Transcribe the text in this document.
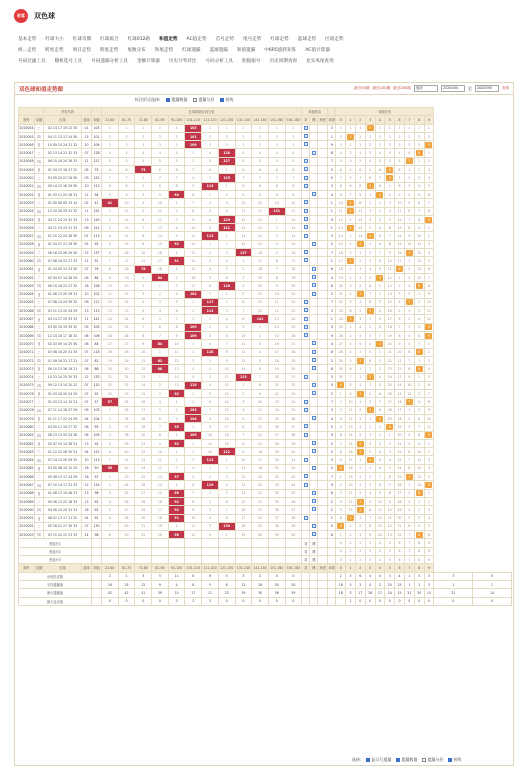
彩客	双色球
基本走势 红球大小 红球奇偶 红球质合 红球012路 和值走势 AC值走势 首号走势 尾号走势 红球走势 蓝球走势 区间走势
两...走势 跨度走势 周日走势 跨度走势 尾数分布 和尾走势 红球遗漏 蓝球遗漏 和值遗漏 中6R5旋转矩阵 AC值计算器
号码过滤工具 随机选号工具 号码遗漏分析工具 金额计算器 历史开奖对比 号码分析工具 胆拖缩号 历史同期查询 龙头凤尾查询
双色球和值走势图	最近50期 最近100期 最近200期	选择	2020044	至	2020093	查询
标注形式选择:	遗漏数据	遗漏分层	折线
		开奖号码			红球和值区间分布												和值形态				和值分布											
期号	星期	红球	蓝球	和值	21-60	61-70	71-80	81-90	91-100	101-110	111-120	121-130	131-140	141-150	151-160	161-183	奇	偶	跨度	和尾	0	1	2	3	4	5	6	7	8	9		
2020044	二	02 14 17 19 22 30	01	103	1	1	1	1	1	103	1	1	1	1	1	1				3	1	1	1	3	1	1	1	1	1	1		
2020045	四	04 11 13 17 24 30	15	101	2	2	2	2	2	101	2	2	2	2	2	2				1	2	1	2	1	2	2	2	2	2	2		
2020046	日	10 09 10 24 31 32	10	109	3	3	3	3	3	109	3	3	3	3	3	3				9	3	1	3	2	3	3	3	3	3	9		
2020047	二	02 13 14 21 32 33	07	128	4	4	4	4	4	1	4	128	4	4	4	4				8	4	2	4	3	4	4	4	4	8	1		
2020048	四	06 15 16 24 28 32	11	127	5	5	5	5	5	2	5	127	5	5	5	5				7	5	3	5	4	5	5	5	7	1	2		
2020049	日	01 04 15 16 17 22	05	75	6	6	75	6	6	3	6	1	6	6	6	6				5	6	4	6	5	6	5	6	1	2	3		
2020050	二	03 09 20 27 26 30	03	125	7	7	1	7	7	4	7	125	7	7	7	7				5	7	5	7	6	7	5	7	2	3	4		
2020051	四	09 14 15 16 29 30	10	113	8	8	2	8	8	5	113	1	8	8	8	8				3	8	6	8	3	8	1	8	3	4	5		
2020052	日	01 03 11 22 26 31	11	94	9	9	3	9	94	6	1	2	9	9	9	9				4	9	7	9	1	4	2	9	4	5	6		
2020053	二	01 05 08 09 13 14	02	41	41	10	4	10	1	7	2	3	10	10	10	10				1	10	1	10	2	1	3	10	5	6	7		
2020054	四	13 20 26 29 31 32	11	151	1	11	5	11	2	8	3	4	11	11	151	11				1	11	1	11	3	2	4	11	6	7	8		
2020055	日	04 11 24 25 32 33	13	129	2	12	6	12	3	9	4	129	12	12	1	12				9	12	1	12	4	3	5	12	7	8	9		
2020056	二	04 11 19 23 31 33	09	121	3	13	7	13	4	10	5	121	13	13	2	13				1	13	1	13	5	4	6	13	8	9	1		
2020057	四	01 10 22 24 26 30	07	113	4	14	8	14	5	11	113	1	14	14	3	14				3	14	1	14	3	5	7	14	9	10	2		
2020058	日	01 04 07 21 29 30	01	92	5	15	9	15	92	12	1	2	15	15	4	15				2	15	2	2	1	6	8	15	10	11	3		
2020059	二	08 16 20 26 29 30	15	137	6	16	10	16	1	13	2	3	137	16	5	16				7	16	3	1	2	7	9	16	7	12	4		
2020060	四	07 08 16 22 27 33	11	91	7	17	11	17	91	14	3	4	1	17	6	17				1	17	1	2	3	8	10	17	1	13	5		
2020061	日	01 04 05 13 23 30	07	76	8	18	76	18	1	15	4	5	2	18	7	18				6	18	1	3	4	9	11	6	2	14	6		
2020062	二	02 04 07 14 28 29	09	84	9	19	1	84	2	16	5	6	3	19	8	19				4	19	2	4	5	4	12	1	3	15	7		
2020063	四	06 15 16 22 27 32	16	128	10	20	2	1	3	17	6	128	4	20	9	20				8	20	3	5	6	1	13	2	4	8	8		
2020064	日	01 06 15 20 29 31	10	102	11	21	3	2	4	102	7	1	5	21	10	21				2	21	4	2	7	2	14	3	5	1	9		
2020065	二	07 08 10 24 30 32	09	117	12	22	4	3	5	1	117	2	6	22	11	22				7	22	5	1	8	3	15	4	7	2	10		
2020066	四	03 11 13 20 24 29	13	113	13	23	5	4	6	2	113	3	7	23	12	23				3	23	6	2	3	4	16	5	1	3	11		
2020067	日	04 14 27 29 33 33	11	141	14	24	6	5	7	3	1	4	8	141	13	24				1	24	1	3	1	5	17	6	2	4	12		
2020068	二	03 05 16 19 29 32	05	109	15	25	7	6	8	109	2	5	9	1	14	25				9	25	1	4	2	6	18	7	3	5	9		
2020069	四	12 14 16 17 18 32	08	109	16	26	8	7	9	109	3	6	10	2	15	26				9	26	2	5	3	7	19	8	4	6	9		
2020070	日	02 03 09 14 25 30	06	84	17	27	9	84	10	1	4	7	11	3	16	27				4	27	3	6	4	4	20	9	5	7	1		
2020071	二	03 08 18 25 31 33	07	118	18	28	10	1	11	2	118	8	12	4	17	28				8	28	4	7	5	1	21	10	6	8	2		
2020072	四	07 09 16 22 17 21	07	82	19	29	11	82	12	3	1	9	13	5	18	29				2	29	5	2	6	2	22	11	7	1	3		
2020073	日	09 10 13 16 19 21	06	88	20	30	12	88	13	4	2	10	14	6	19	30				8	30	6	1	7	3	23	12	8	8	4		
2020074	二	10 23 24 25 30 33	12	133	21	31	13	1	14	5	3	11	133	7	20	31				3	31	7	2	3	4	24	13	9	1	5		
2020075	四	09 12 13 14 20 22	07	110	22	32	14	2	15	110	4	12	1	8	21	32				0	0	8	3	1	5	25	14	10	2	6		
2020076	日	01 03 18 20 24 25	07	92	23	33	15	3	92	1	5	13	2	9	22	33				2	1	9	2	2	6	26	15	11	3	7		
2020077	二	01 03 13 14 15 21	07	57	57	34	16	4	1	2	6	14	3	10	23	34				7	2	10	1	3	7	27	16	7	4	8		
2020078	四	07 11 14 18 27 29	09	103	1	35	17	5	2	103	7	15	4	11	24	35				3	3	11	2	3	8	28	17	1	5	9		
2020079	日	01 11 17 22 24 29	04	104	2	36	18	6	3	104	8	16	5	12	25	36				4	4	12	3	1	4	29	18	2	6	10		
2020080	二	04 05 11 19 27 32	06	95	3	37	19	7	95	1	9	17	6	13	26	37				5	5	13	4	2	1	5	19	3	7	11		
2020081	四	06 13 15 20 24 28	06	109	4	38	20	8	1	109	10	18	7	14	27	38				9	6	14	5	3	2	1	20	4	8	9		
2020082	日	05 07 10 14 26 31	13	92	5	39	21	9	92	1	11	19	8	15	28	39				2	7	15	2	4	3	2	21	5	9	1		
2020083	二	01 12 22 26 30 31	04	122	6	40	22	10	1	2	12	122	9	16	29	40				2	8	16	2	5	4	3	22	6	10	2		
2020084	四	07 14 15 20 29 32	10	113	7	41	23	11	2	3	113	1	10	17	30	41				3	9	17	1	3	5	4	23	7	11	3		
2020085	日	03 05 08 10 12 25	16	50	50	42	24	12	3	4	1	2	11	18	31	42				0	0	18	2	1	6	5	24	8	12	4		
2020086	二	05 09 13 17 24 29	16	97	1	43	25	13	97	5	2	3	12	19	32	43				7	1	19	3	2	7	6	25	7	13	5		
2020087	四	07 10 14 17 31 33	12	119	2	44	26	14	1	6	119	4	13	20	33	44				9	2	20	4	3	8	7	26	1	14	9		
2020088	日	01 06 12 19 28 31	13	98	3	45	27	15	98	7	1	5	14	21	34	45				8	3	21	5	4	9	8	27	2	8	1		
2020089	二	05 08 15 22 28 33	13	92	4	46	28	16	92	8	2	6	15	22	35	46				2	4	22	2	5	10	9	28	3	1	2		
2020090	四	04 06 10 20 31 31	16	92	5	47	29	17	92	9	3	7	16	23	36	47				2	5	23	2	6	11	10	29	4	2	3		
2020091	日	06 07 13 17 21 22	04	91	6	48	30	18	91	10	4	8	17	24	37	48				1	6	1	1	7	12	11	30	5	3	4		
2020092	二	05 18 22 27 30 33	07	130	7	49	31	19	1	11	5	130	18	25	38	49				0	0	1	2	8	13	12	31	6	4	5		
2020093	四	03 15 20 22 23 33	14	98	8	50	32	20	98	12	6	1	19	26	39	50				8	1	2	3	9	14	13	32	7	8	6		
预选行1																	奇	偶			0	1	2	3	4	5	6	7	8	9		
预选行2																	奇	偶			0	1	2	3	4	5	6	7	8	9		
预选行3																	奇	偶			0	1	2	3	4	5	6	7	8	9		
期号	星期	红球	蓝球	和值	21-60	61-70	71-80	81-90	91-100	101-110	111-120	121-130	131-140	141-150	151-160	161-183	奇	偶	跨度	和尾	0	1	2	3	4	5	6	7	8	9		
出现总次数					2	1	3	5	11	6	6	0	3	2	0	0					2	3	6	4	0	3	4	1	3	3	3	5
平均遗漏值					16	25	12	9	4	8	5	6	12	16	50	50					16	3	3	4	2	20	25	1	1	3	1	1
最大遗漏值					02	42	41	39	15	17	11	23	29	30	56	59					18	3	17	26	17	24	15	31	30	15	31	14
最大连出值					0	0	0	0	3	2	3	0	0	0	0	0						1	0	0	0	0	0	0	0	0	0	0
选择:	显示行遗漏	遗漏数据	遗漏分层	折线
